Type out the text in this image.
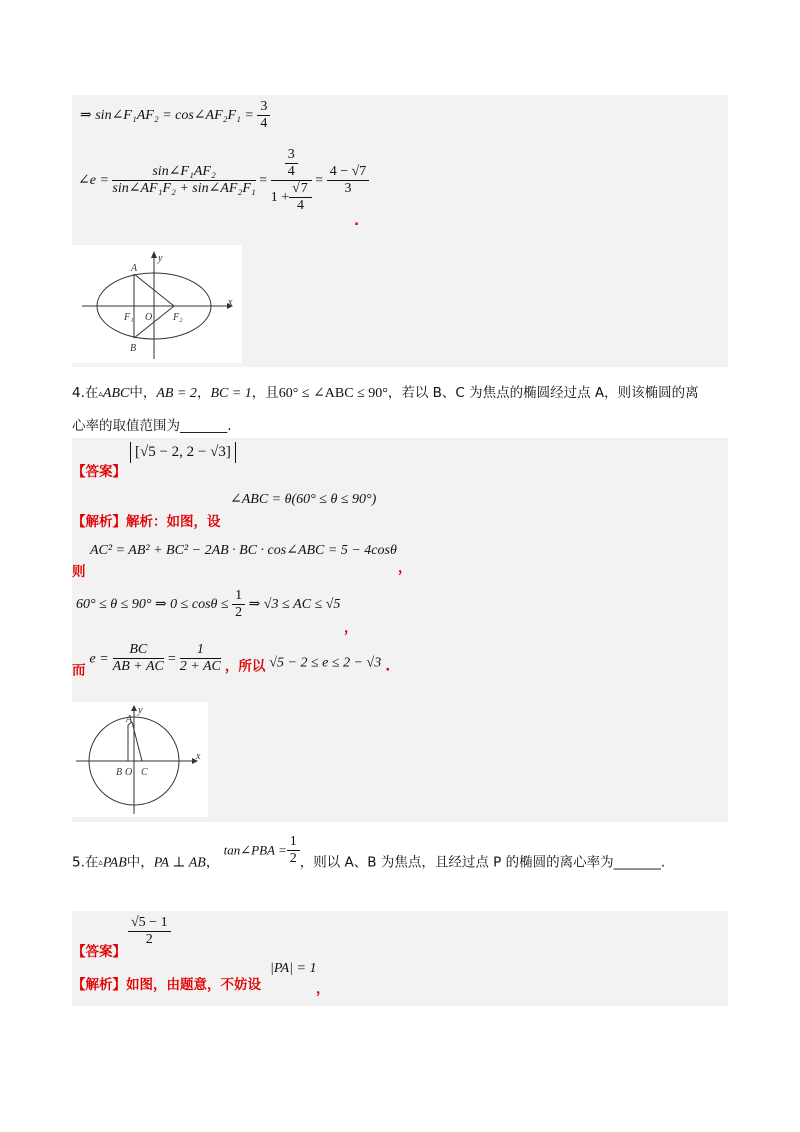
⇒ sin∠F₁AF₂ = cos∠AF₂F₁ = $\frac{3}{4}$
∠e = $\frac{\text{sin∠F₁AF₂}}{\text{sin∠AF₁F₂ + sin∠AF₂F₁}} = \frac{\frac{3}{4}}{1 + \frac{√7}{4}} = \frac{4 - √7}{3}$
.
y
A
x
F₁ O F₂
B
4.在▵ABC中，AB = 2，BC = 1，且60° ≤ ∠ABC ≤ 90°，若以 B、C 为焦点的椭圆经过点 A，则该椭圆的离
心率的取值范围为_______.
【答案】
[√5 − 2, 2 − √3]
∠ABC = θ(60° ≤ θ ≤ 90°)
【解析】解析：如图，设
AC² = AB² + BC² − 2AB · BC · cos∠ABC = 5 − 4cosθ
则	，
60° ≤ θ ≤ 90° ⇒ $0 \le \cos\theta \le \frac{1}{2}$ ⇒ √3 ≤ AC ≤ √5
，
$_而$ $e = \frac{BC}{AB + AC} = \frac{1}{2 + AC} _{,所以}$ √5 − 2 ≤ e ≤ 2 − √3 $_.$
y
A
x
B O C
5.在$_▵$PAB中，PA ⊥ AB， tan∠PBA = $\frac{1}{2}$ ，则以 A、B 为焦点，且经过点 P 的椭圆的离心率为_______.
$\frac{√5 - 1}{2}$
【答案】
【解析】如图，由题意，不妨设
|PA| = 1
，
